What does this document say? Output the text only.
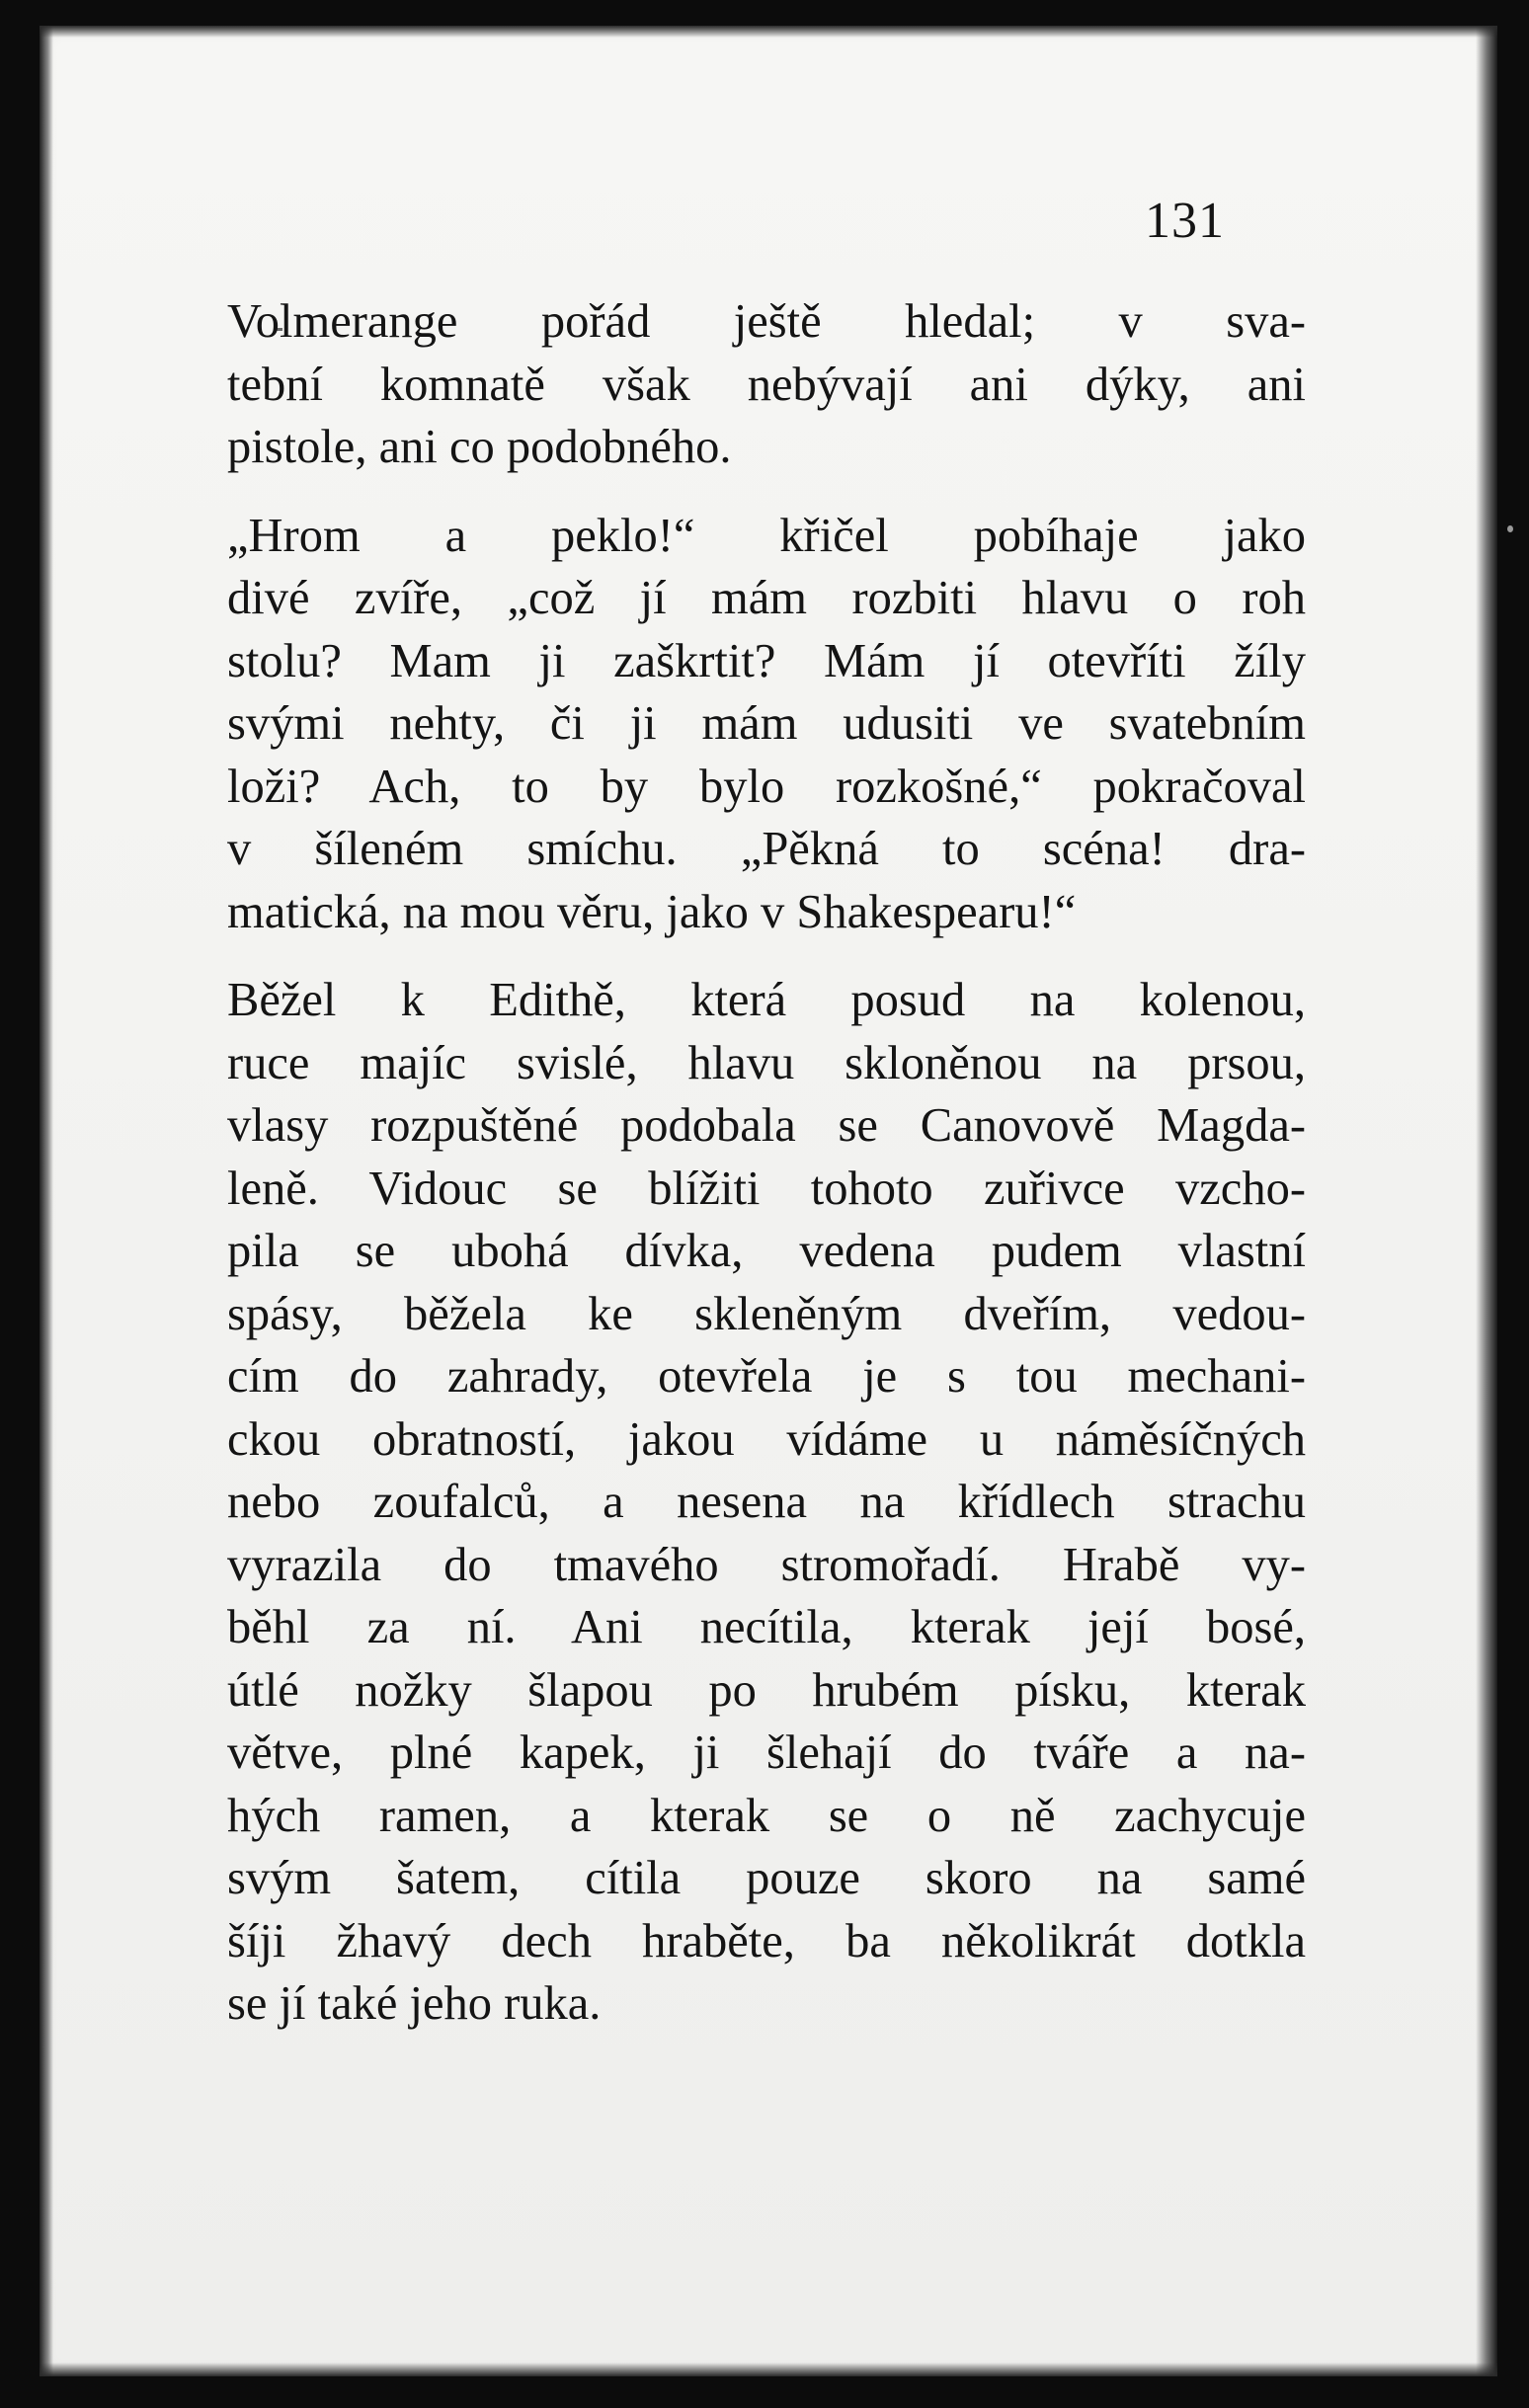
131
Volmerange pořád ještě hledal; v sva-
tební komnatě však nebývají ani dýky, ani
pistole, ani co podobného.
„Hrom a peklo!“ křičel pobíhaje jako
divé zvíře, „což jí mám rozbiti hlavu o roh
stolu? Mam ji zaškrtit? Mám jí otevříti žíly
svými nehty, či ji mám udusiti ve svatebním
loži? Ach, to by bylo rozkošné,“ pokračoval
v šíleném smíchu. „Pěkná to scéna! dra-
matická, na mou věru, jako v Shakespearu!“
Běžel k Edithě, která posud na kolenou,
ruce majíc svislé, hlavu skloněnou na prsou,
vlasy rozpuštěné podobala se Canovově Magda-
leně. Vidouc se blížiti tohoto zuřivce vzcho-
pila se ubohá dívka, vedena pudem vlastní
spásy, běžela ke skleněným dveřím, vedou-
cím do zahrady, otevřela je s tou mechani-
ckou obratností, jakou vídáme u náměsíčných
nebo zoufalců, a nesena na křídlech strachu
vyrazila do tmavého stromořadí. Hrabě vy-
běhl za ní. Ani necítila, kterak její bosé,
útlé nožky šlapou po hrubém písku, kterak
větve, plné kapek, ji šlehají do tváře a na-
hých ramen, a kterak se o ně zachycuje
svým šatem, cítila pouze skoro na samé
šíji žhavý dech hraběte, ba několikrát dotkla
se jí také jeho ruka.
